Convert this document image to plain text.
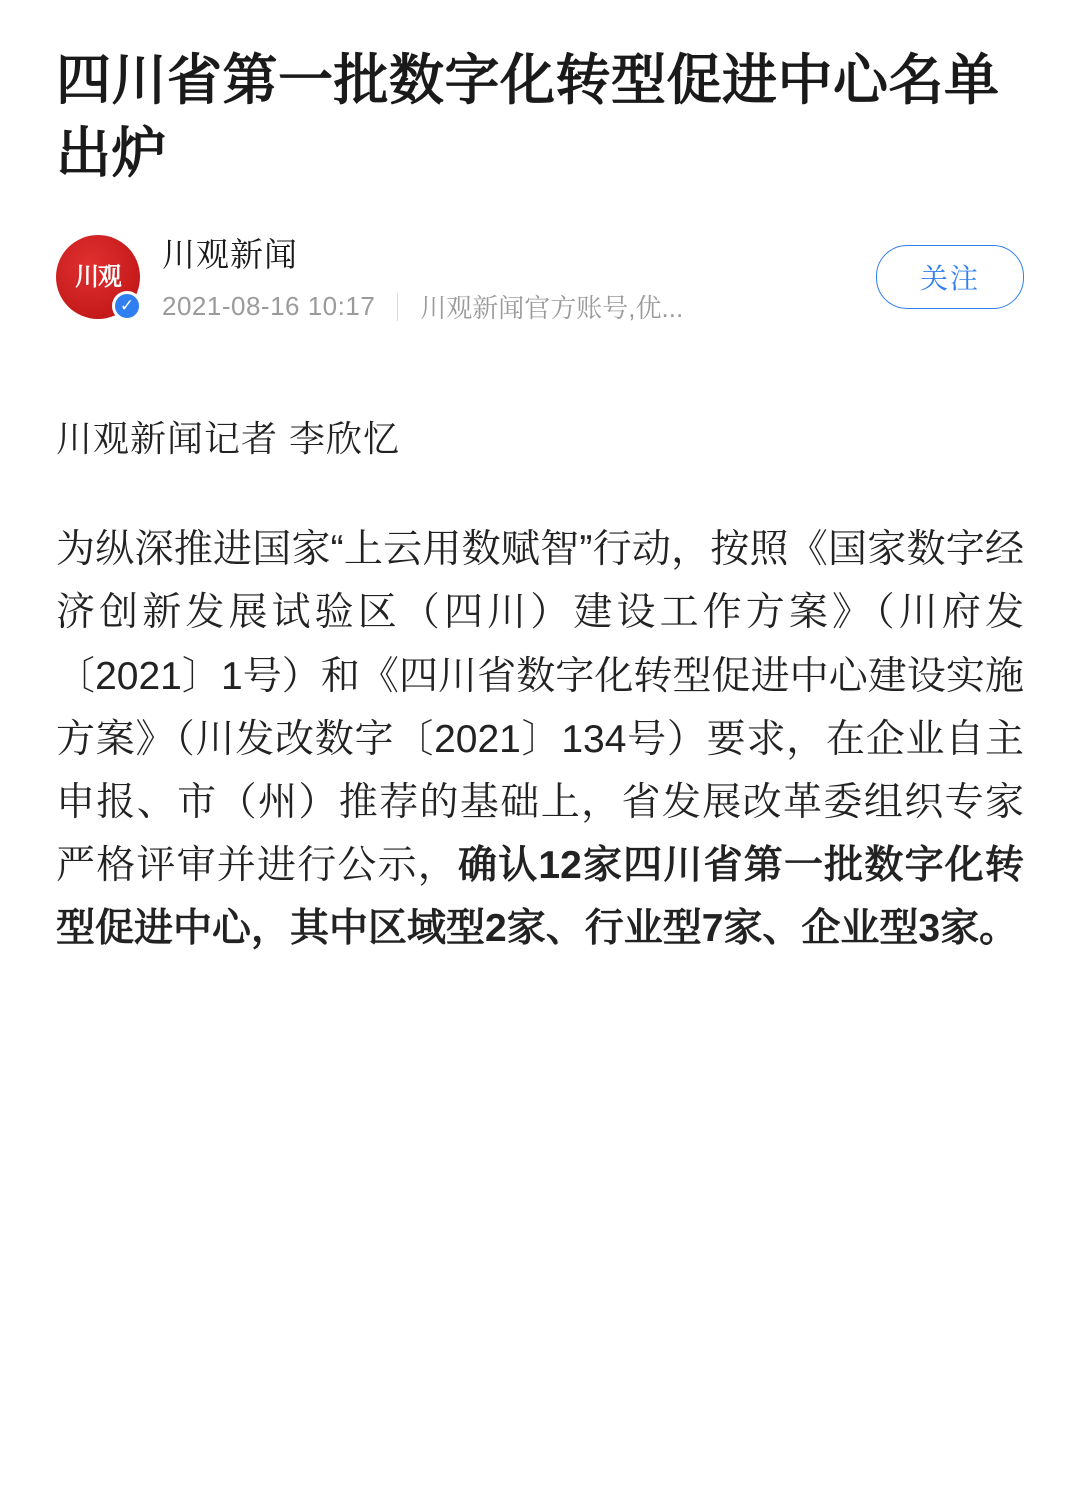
四川省第一批数字化转型促进中心名单出炉
川观
✓
川观新闻
2021-08-16 10:17 川观新闻官方账号,优...
关注
川观新闻记者 李欣忆

为纵深推进国家“上云用数赋智”行动，按照《国家数字经济创新发展试验区（四川）建设工作方案》（川府发〔2021〕1号）和《四川省数字化转型促进中心建设实施方案》（川发改数字〔2021〕134号）要求，在企业自主申报、市（州）推荐的基础上，省发展改革委组织专家严格评审并进行公示，确认12家四川省第一批数字化转型促进中心，其中区域型2家、行业型7家、企业型3家。
